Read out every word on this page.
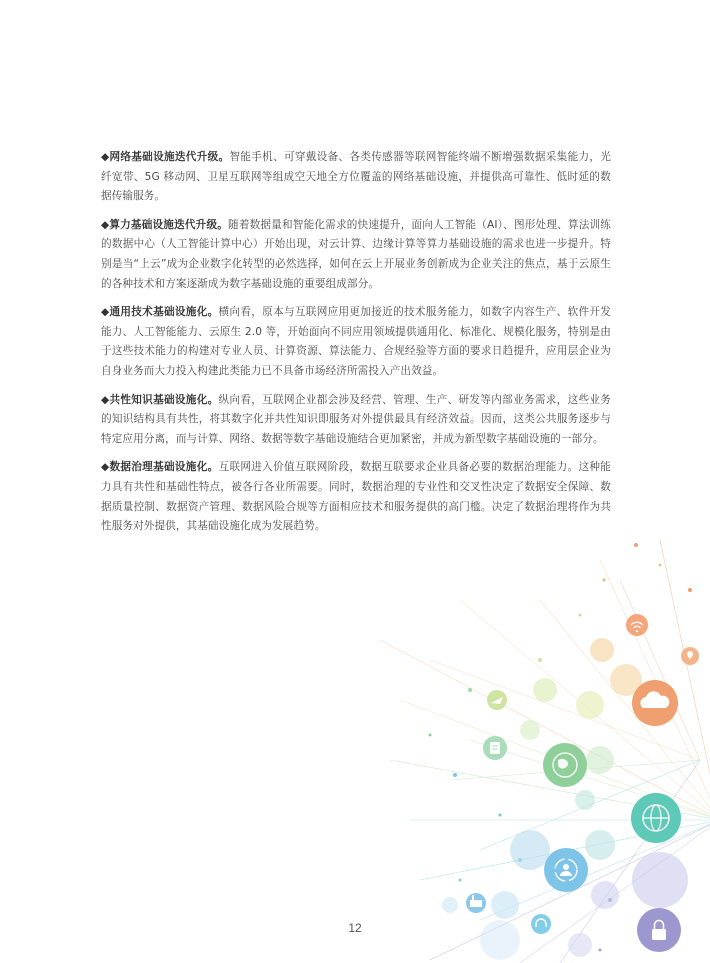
◆网络基础设施迭代升级。智能手机、可穿戴设备、各类传感器等联网智能终端不断增强数据采集能力，光纤宽带、5G 移动网、卫星互联网等组成空天地全方位覆盖的网络基础设施，并提供高可靠性、低时延的数据传输服务。

◆算力基础设施迭代升级。随着数据量和智能化需求的快速提升，面向人工智能（AI）、图形处理、算法训练的数据中心（人工智能计算中心）开始出现，对云计算、边缘计算等算力基础设施的需求也进一步提升。特别是当“上云”成为企业数字化转型的必然选择，如何在云上开展业务创新成为企业关注的焦点，基于云原生的各种技术和方案逐渐成为数字基础设施的重要组成部分。

◆通用技术基础设施化。横向看，原本与互联网应用更加接近的技术服务能力，如数字内容生产、软件开发能力、人工智能能力、云原生 2.0 等，开始面向不同应用领域提供通用化、标准化、规模化服务，特别是由于这些技术能力的构建对专业人员、计算资源、算法能力、合规经验等方面的要求日趋提升，应用层企业为自身业务而大力投入构建此类能力已不具备市场经济所需投入产出效益。

◆共性知识基础设施化。纵向看，互联网企业都会涉及经营、管理、生产、研发等内部业务需求，这些业务的知识结构具有共性，将其数字化并共性知识即服务对外提供最具有经济效益。因而，这类公共服务逐步与特定应用分离，而与计算、网络、数据等数字基础设施结合更加紧密，并成为新型数字基础设施的一部分。

◆数据治理基础设施化。互联网进入价值互联网阶段，数据互联要求企业具备必要的数据治理能力。这种能力具有共性和基础性特点，被各行各业所需要。同时，数据治理的专业性和交叉性决定了数据安全保障、数据质量控制、数据资产管理、数据风险合规等方面相应技术和服务提供的高门槛。决定了数据治理将作为共性服务对外提供，其基础设施化成为发展趋势。

12
